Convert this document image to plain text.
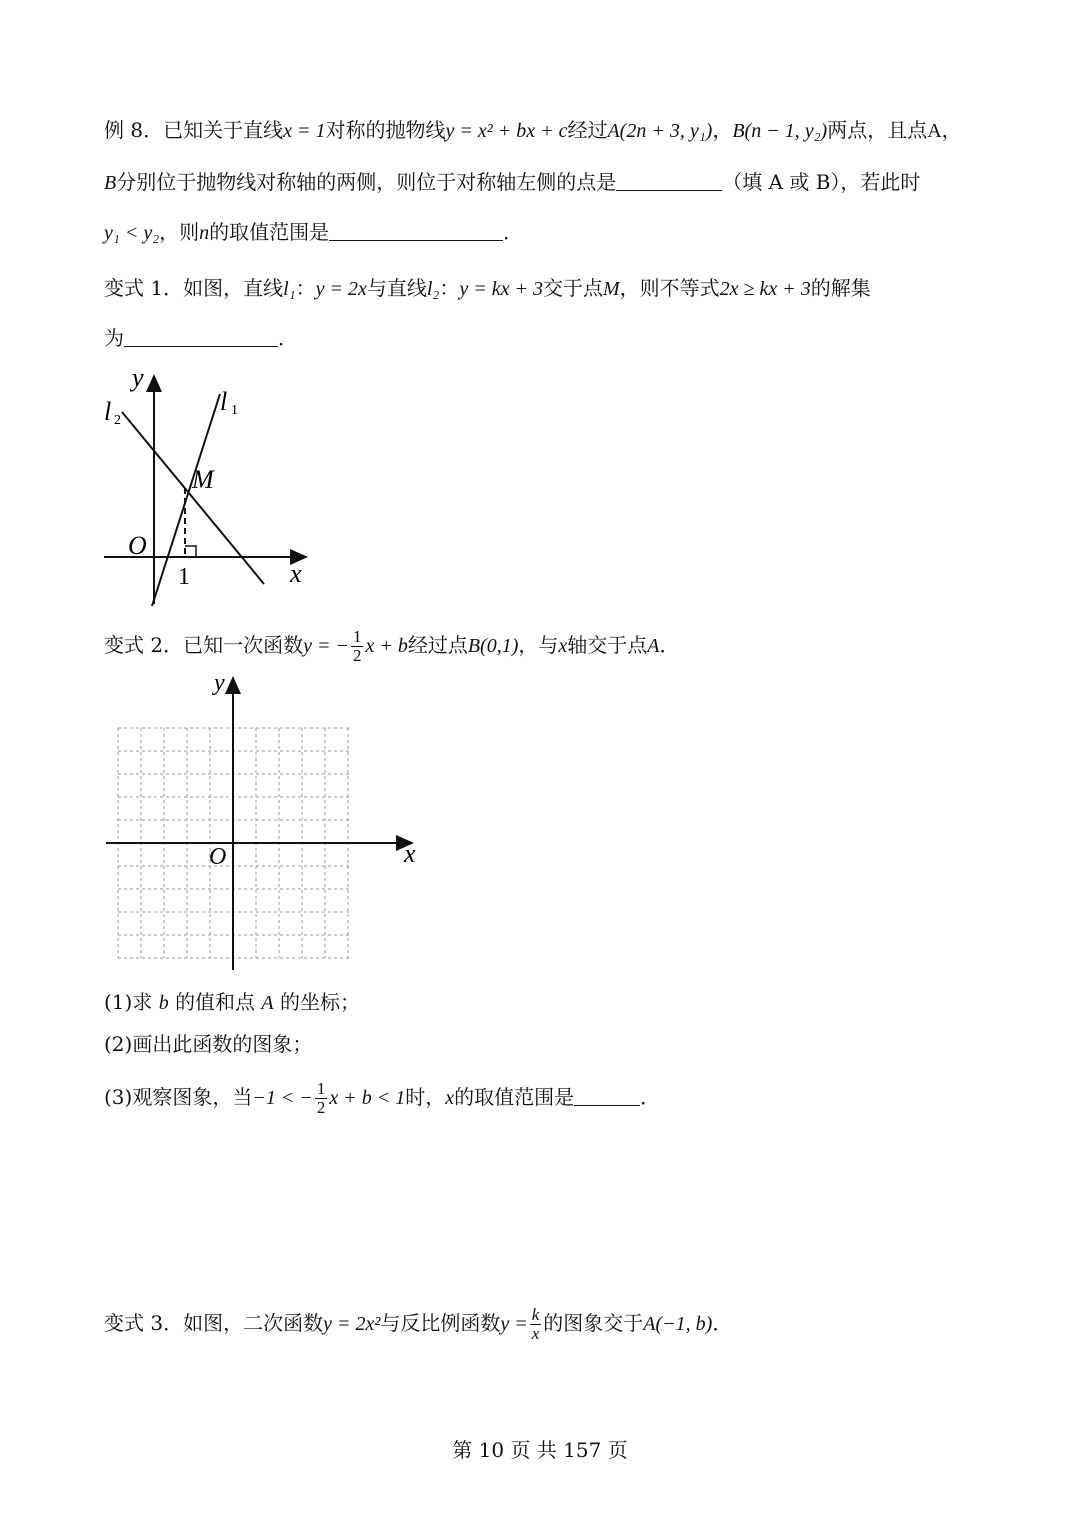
例 8．已知关于直线x = 1对称的抛物线y = x² + bx + c经过A(2n + 3, y₁)，B(n − 1, y₂)两点，且点A，
B分别位于抛物线对称轴的两侧，则位于对称轴左侧的点是	（填 A 或 B），若此时
y₁ < y₂，则n的取值范围是	．
变式 1．如图，直线l₁：y = 2x与直线l₂：y = kx + 3交于点M，则不等式2x ≥ kx + 3的解集
为	．
y
x
O
1
l 1
l 2
M
变式 2．已知一次函数y = − $\frac{1}{2}$ x + b经过点B(0,1)，与x轴交于点A．
y
x
O
(1)求 b 的值和点 A 的坐标；
(2)画出此函数的图象；
(3)观察图象，当−1 < − $\frac{1}{2}$ x + b < 1时，x的取值范围是	．
变式 3．如图，二次函数y = 2x²与反比例函数$y = \frac{k}{x}$ 的图象交于A(−1, b)．
第 10 页 共 157 页
